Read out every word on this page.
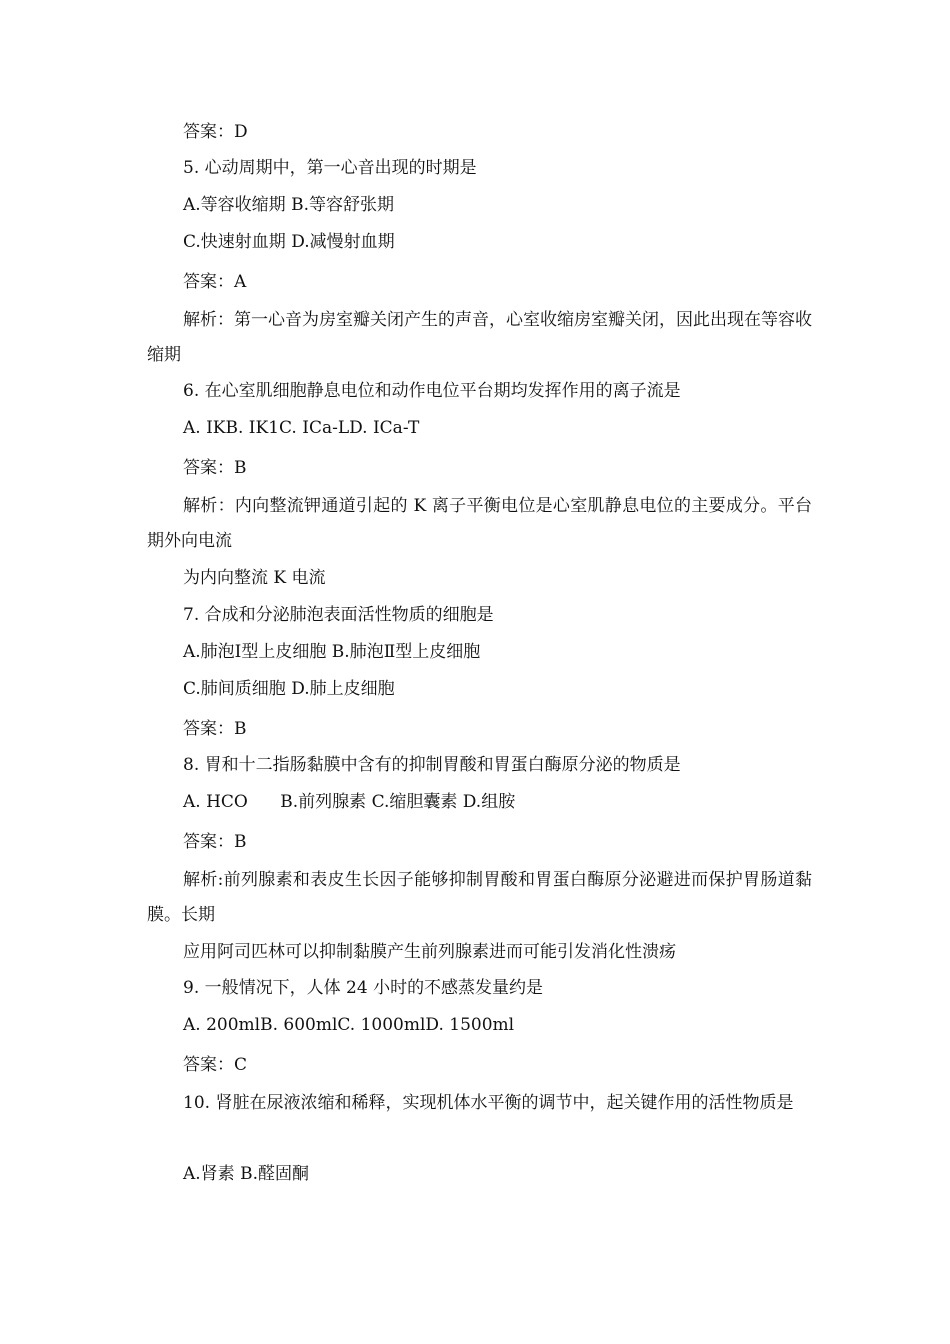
答案：D
5. 心动周期中，第一心音出现的时期是
A.等容收缩期 B.等容舒张期
C.快速射血期 D.减慢射血期
答案：A
解析：第一心音为房室瓣关闭产生的声音，心室收缩房室瓣关闭，因此出现在等容收缩期
6. 在心室肌细胞静息电位和动作电位平台期均发挥作用的离子流是
A. IKB. IK1C. ICa-LD. ICa-T
答案：B
解析：内向整流钾通道引起的 K 离子平衡电位是心室肌静息电位的主要成分。平台期外向电流
为内向整流 K 电流
7. 合成和分泌肺泡表面活性物质的细胞是
A.肺泡Ⅰ型上皮细胞 B.肺泡Ⅱ型上皮细胞
C.肺间质细胞 D.肺上皮细胞
答案：B
8. 胃和十二指肠黏膜中含有的抑制胃酸和胃蛋白酶原分泌的物质是
A. HCO      B.前列腺素 C.缩胆囊素 D.组胺
答案：B
解析:前列腺素和表皮生长因子能够抑制胃酸和胃蛋白酶原分泌避进而保护胃肠道黏膜。长期
应用阿司匹林可以抑制黏膜产生前列腺素进而可能引发消化性溃疡
9. 一般情况下，人体 24 小时的不感蒸发量约是
A. 200mlB. 600mlC. 1000mlD. 1500ml
答案：C
10. 肾脏在尿液浓缩和稀释，实现机体水平衡的调节中，起关键作用的活性物质是
A.肾素 B.醛固酮
